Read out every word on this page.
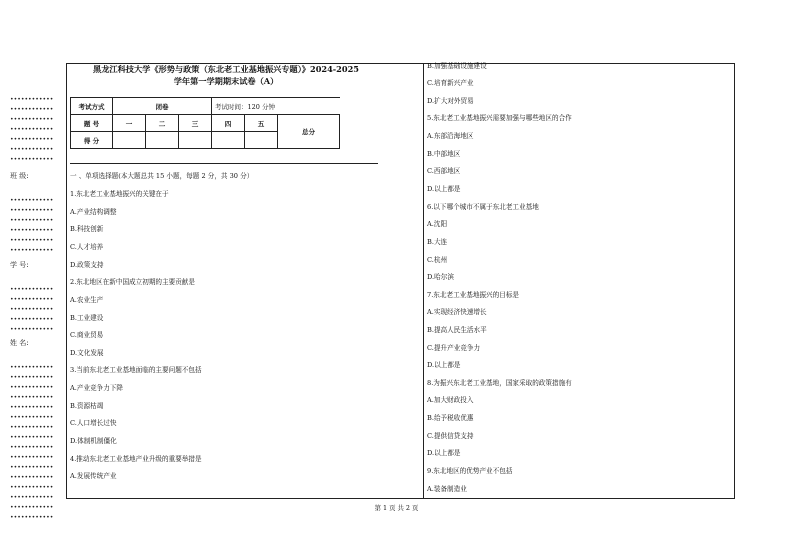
••••••••••••
••••••••••••
••••••••••••
••••••••••••
••••••••••••
••••••••••••
••••••••••••
班 级:
••••••••••••
••••••••••••
••••••••••••
••••••••••••
••••••••••••
••••••••••••
学 号:
••••••••••••
••••••••••••
••••••••••••
••••••••••••
••••••••••••
姓 名:
••••••••••••
••••••••••••
••••••••••••
••••••••••••
••••••••••••
••••••••••••
••••••••••••
••••••••••••
••••••••••••
••••••••••••
••••••••••••
••••••••••••
••••••••••••
••••••••••••
••••••••••••
••••••••••••
黑龙江科技大学《形势与政策（东北老工业基地振兴专题）》2024-2025
学年第一学期期末试卷（A）
考试方式	闭卷			考试时间：120 分钟		
题 号	一	二	三	四	五	总分
得 分						
一 、单项选择题(本大题总共 15 小题，每题 2 分，共 30 分）
1.东北老工业基地振兴的关键在于
A.产业结构调整
B.科技创新
C.人才培养
D.政策支持
2.东北地区在新中国成立初期的主要贡献是
A.农业生产
B.工业建设
C.商业贸易
D.文化发展
3.当前东北老工业基地面临的主要问题不包括
A.产业竞争力下降
B.资源枯竭
C.人口增长过快
D.体制机制僵化
4.推动东北老工业基地产业升级的重要举措是
A.发展传统产业
B.加强基础设施建设
C.培育新兴产业
D.扩大对外贸易
5.东北老工业基地振兴需要加强与哪些地区的合作
A.东部沿海地区
B.中部地区
C.西部地区
D.以上都是
6.以下哪个城市不属于东北老工业基地
A.沈阳
B.大连
C.杭州
D.哈尔滨
7.东北老工业基地振兴的目标是
A.实现经济快速增长
B.提高人民生活水平
C.提升产业竞争力
D.以上都是
8.为振兴东北老工业基地，国家采取的政策措施有
A.加大财政投入
B.给予税收优惠
C.提供信贷支持
D.以上都是
9.东北地区的优势产业不包括
A.装备制造业
第 1 页 共 2 页
